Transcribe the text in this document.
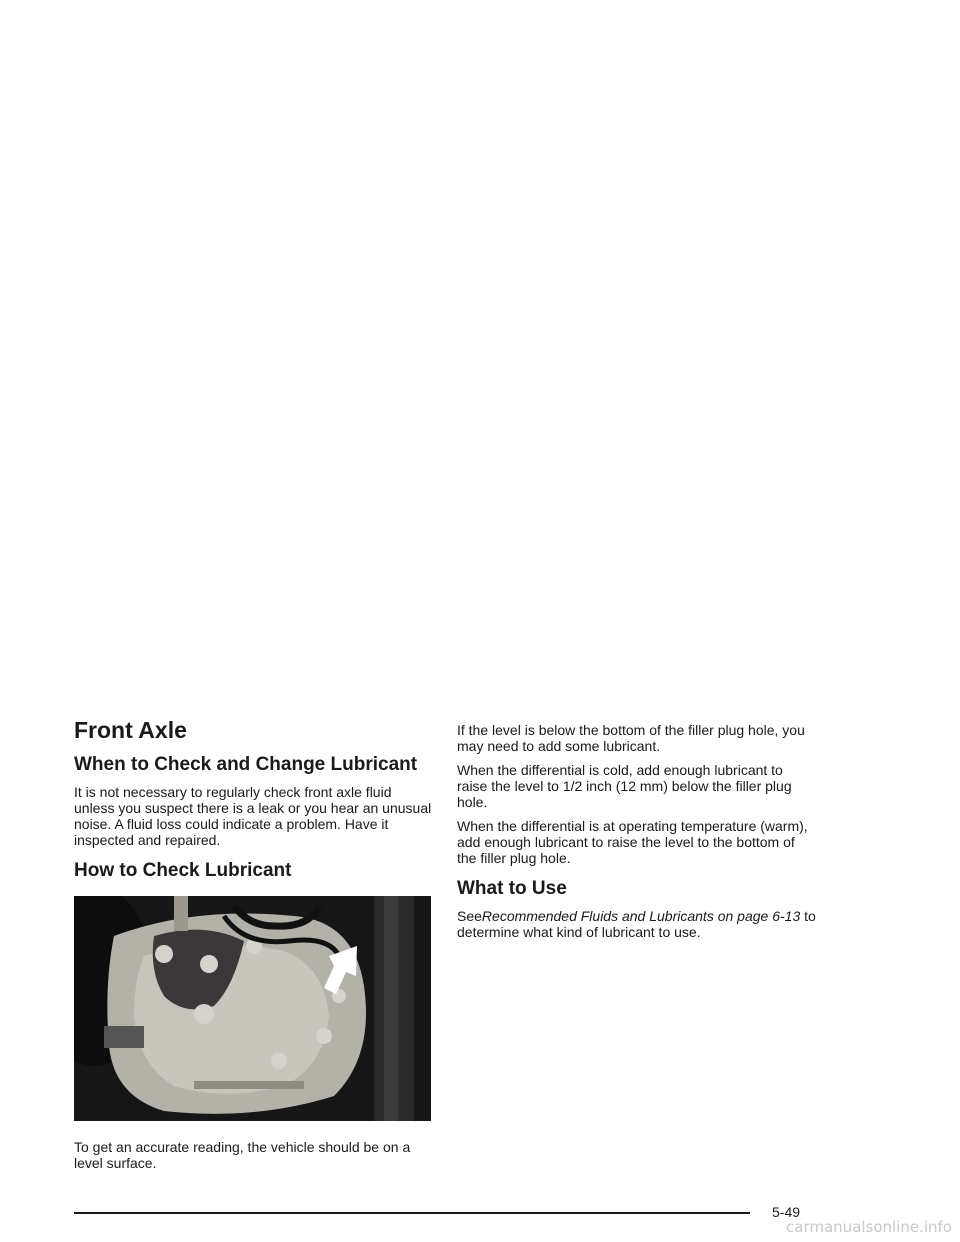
Front Axle
When to Check and Change Lubricant

It is not necessary to regularly check front axle fluid unless you suspect there is a leak or you hear an unusual noise. A fluid loss could indicate a problem. Have it inspected and repaired.

How to Check Lubricant

To get an accurate reading, the vehicle should be on a level surface.

If the level is below the bottom of the filler plug hole, you may need to add some lubricant.

When the differential is cold, add enough lubricant to raise the level to 1/2 inch (12 mm) below the filler plug hole.

When the differential is at operating temperature (warm), add enough lubricant to raise the level to the bottom of the filler plug hole.

What to Use

SeeRecommended Fluids and Lubricants on page 6-13 to determine what kind of lubricant to use.

5-49
carmanualsonline.info
